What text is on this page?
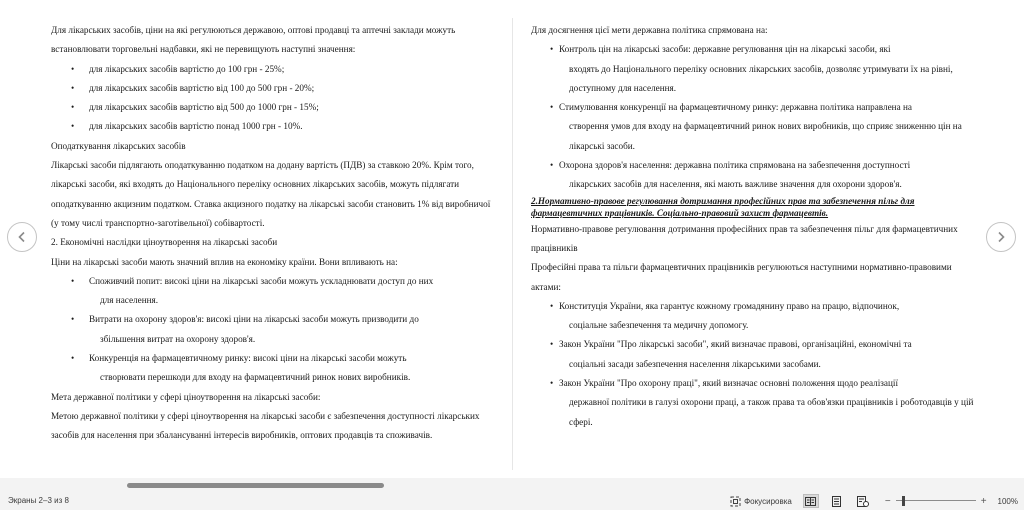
Для лікарських засобів, ціни на які регулюються державою, оптові продавці та аптечні заклади можуть встановлювати торговельні надбавки, які не перевищують наступні значення:

• для лікарських засобів вартістю до 100 грн - 25%;
• для лікарських засобів вартістю від 100 до 500 грн - 20%;
• для лікарських засобів вартістю від 500 до 1000 грн - 15%;
• для лікарських засобів вартістю понад 1000 грн - 10%.

Оподаткування лікарських засобів

Лікарські засоби підлягають оподаткуванню податком на додану вартість (ПДВ) за ставкою 20%. Крім того, лікарські засоби, які входять до Національного переліку основних лікарських засобів, можуть підлягати оподаткуванню акцизним податком. Ставка акцизного податку на лікарські засоби становить 1% від виробничої (у тому числі транспортно-заготівельної) собівартості.

2. Економічні наслідки ціноутворення на лікарські засоби

Ціни на лікарські засоби мають значний вплив на економіку країни. Вони впливають на:

• Споживчий попит: високі ціни на лікарські засоби можуть ускладнювати доступ до них
для населення.
• Витрати на охорону здоров'я: високі ціни на лікарські засоби можуть призводити до
збільшення витрат на охорону здоров'я.
• Конкуренція на фармацевтичному ринку: високі ціни на лікарські засоби можуть
створювати перешкоди для входу на фармацевтичний ринок нових виробників.

Мета державної політики у сфері ціноутворення на лікарські засоби:

Метою державної політики у сфері ціноутворення на лікарські засоби є забезпечення доступності лікарських засобів для населення при збалансуванні інтересів виробників, оптових продавців та споживачів.

Для досягнення цієї мети державна політика спрямована на:

• Контроль цін на лікарські засоби: державне регулювання цін на лікарські засоби, які
входять до Національного переліку основних лікарських засобів, дозволяє утримувати їх на рівні, доступному для населення.
• Стимулювання конкуренції на фармацевтичному ринку: державна політика направлена на
створення умов для входу на фармацевтичний ринок нових виробників, що сприяє зниженню цін на лікарські засоби.
• Охорона здоров'я населення: державна політика спрямована на забезпечення доступності
лікарських засобів для населення, які мають важливе значення для охорони здоров'я.

2.Нормативно-правове регулювання дотримання професійних прав та забезпечення пільг для фармацевтичних працівників. Соціально-правовий захист фармацевтів.

Нормативно-правове регулювання дотримання професійних прав та забезпечення пільг для фармацевтичних працівників

Професійні права та пільги фармацевтичних працівників регулюються наступними нормативно-правовими актами:

• Конституція України, яка гарантує кожному громадянину право на працю, відпочинок,
соціальне забезпечення та медичну допомогу.
• Закон України "Про лікарські засоби", який визначає правові, організаційні, економічні та
соціальні засади забезпечення населення лікарськими засобами.
• Закон України "Про охорону праці", який визначає основні положення щодо реалізації
державної політики в галузі охорони праці, а також права та обов'язки працівників і роботодавців у цій сфері.
Экраны 2–3 из 8	Фокусировка	−	+ 100%
